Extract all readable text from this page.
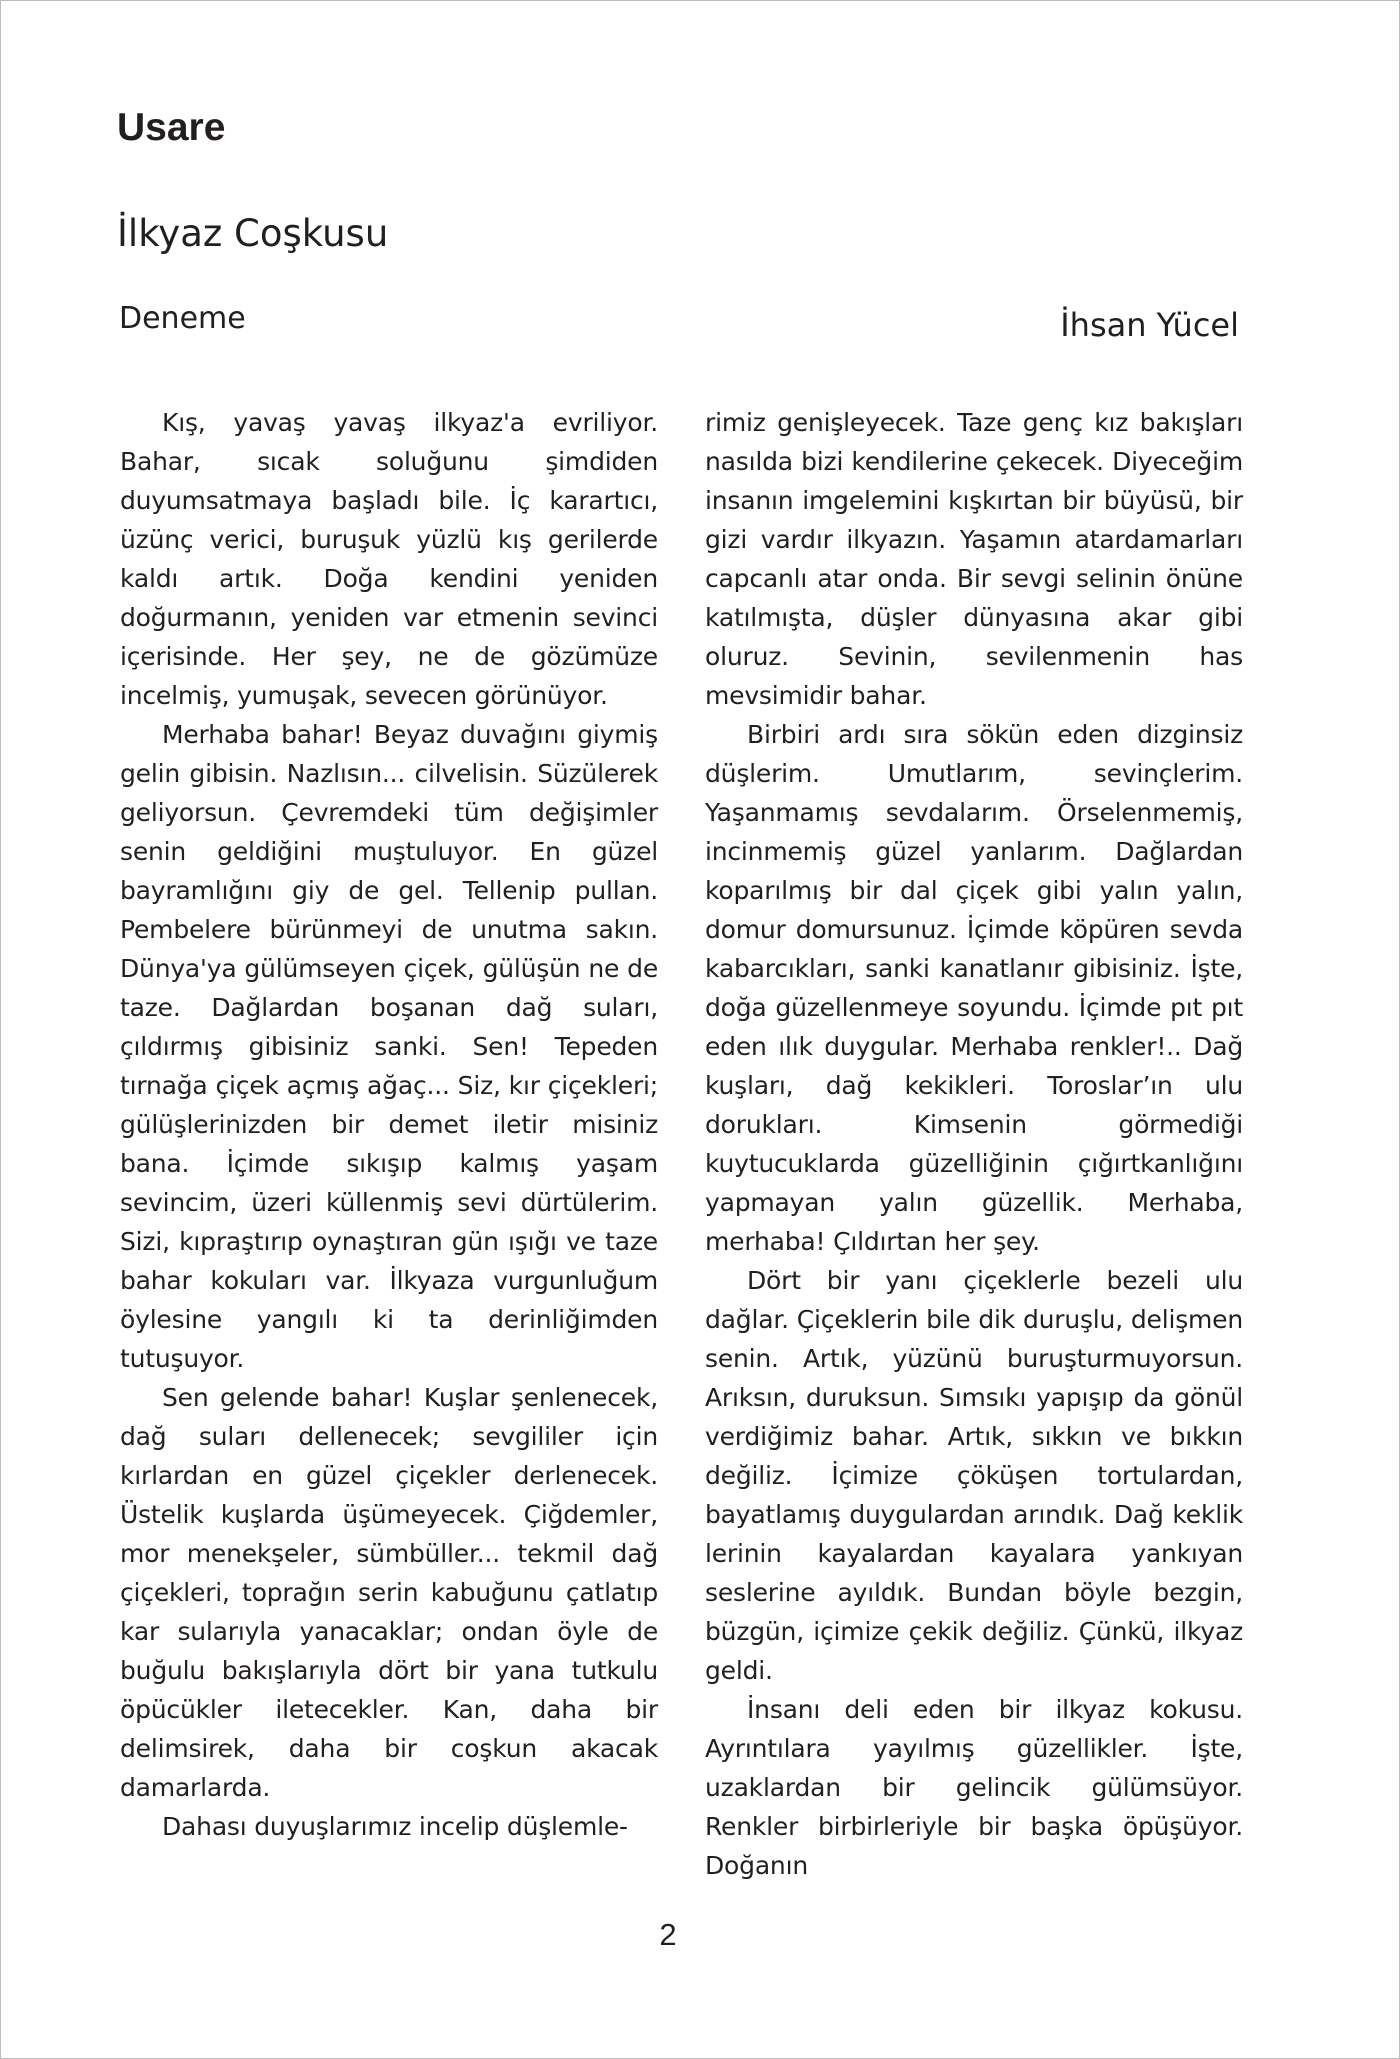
Usare
İlkyaz Coşkusu
Deneme	İhsan Yücel

Kış, yavaş yavaş ilkyaz'a evriliyor. Bahar, sıcak soluğunu şimdiden duyumsatmaya başladı bile. İç karartıcı, üzünç verici, buruşuk yüzlü kış gerilerde kaldı artık. Doğa kendini yeniden doğurmanın, yeniden var etmenin sevinci içerisinde. Her şey, ne de gözümüze incelmiş, yumuşak, sevecen görünüyor.

Merhaba bahar! Beyaz duvağını giymiş gelin gibisin. Nazlısın... cilvelisin. Süzülerek geliyorsun. Çevremdeki tüm değişimler senin geldiğini muştuluyor. En güzel bayramlığını giy de gel. Tellenip pullan. Pembelere bürünmeyi de unutma sakın. Dünya'ya gülümseyen çiçek, gülüşün ne de taze. Dağlardan boşanan dağ suları, çıldırmış gibisiniz sanki. Sen! Tepeden tırnağa çiçek açmış ağaç... Siz, kır çiçekleri; gülüşlerinizden bir demet iletir misiniz bana. İçimde sıkışıp kalmış yaşam sevincim, üzeri küllenmiş sevi dürtülerim. Sizi, kıpraştırıp oynaştıran gün ışığı ve taze bahar kokuları var. İlkyaza vurgunluğum öylesine yangılı ki ta derinliğimden tutuşuyor.

Sen gelende bahar! Kuşlar şenlenecek, dağ suları dellenecek; sevgililer için kırlardan en güzel çiçekler derlenecek. Üstelik kuşlarda üşümeyecek. Çiğdemler, mor menekşeler, sümbüller... tekmil dağ çiçekleri, toprağın serin kabuğunu çatlatıp kar sularıyla yanacaklar; ondan öyle de buğulu bakışlarıyla dört bir yana tutkulu öpücükler iletecekler. Kan, daha bir delimsirek, daha bir coşkun akacak damarlarda.

Dahası duyuşlarımız incelip düşlemle-

rimiz genişleyecek. Taze genç kız bakışları nasılda bizi kendilerine çekecek. Diyeceğim insanın imgelemini kışkırtan bir büyüsü, bir gizi vardır ilkyazın. Yaşamın atardamarları capcanlı atar onda. Bir sevgi selinin önüne katılmışta, düşler dünyasına akar gibi oluruz. Sevinin, sevilenmenin has mevsimidir bahar.

Birbiri ardı sıra sökün eden dizginsiz düşlerim. Umutlarım, sevinçlerim. Yaşanmamış sevdalarım. Örselenmemiş, incinmemiş güzel yanlarım. Dağlardan koparılmış bir dal çiçek gibi yalın yalın, domur domursunuz. İçimde köpüren sevda kabarcıkları, sanki kanatlanır gibisiniz. İşte, doğa güzellenmeye soyundu. İçimde pıt pıt eden ılık duygular. Merhaba renkler!.. Dağ kuşları, dağ kekikleri. Toroslar’ın ulu dorukları. Kimsenin görmediği kuytucuklarda güzelliğinin çığırtkanlığını yapmayan yalın güzellik. Merhaba, merhaba! Çıldırtan her şey.

Dört bir yanı çiçeklerle bezeli ulu dağlar. Çiçeklerin bile dik duruşlu, delişmen senin. Artık, yüzünü buruşturmuyorsun. Arıksın, duruksun. Sımsıkı yapışıp da gönül verdiğimiz bahar. Artık, sıkkın ve bıkkın değiliz. İçimize çöküşen tortulardan, bayatlamış duygulardan arındık. Dağ keklik lerinin kayalardan kayalara yankıyan seslerine ayıldık. Bundan böyle bezgin, büzgün, içimize çekik değiliz. Çünkü, ilkyaz geldi.

İnsanı deli eden bir ilkyaz kokusu. Ayrıntılara yayılmış güzellikler. İşte, uzaklardan bir gelincik gülümsüyor. Renkler birbirleriyle bir başka öpüşüyor. Doğanın

2
